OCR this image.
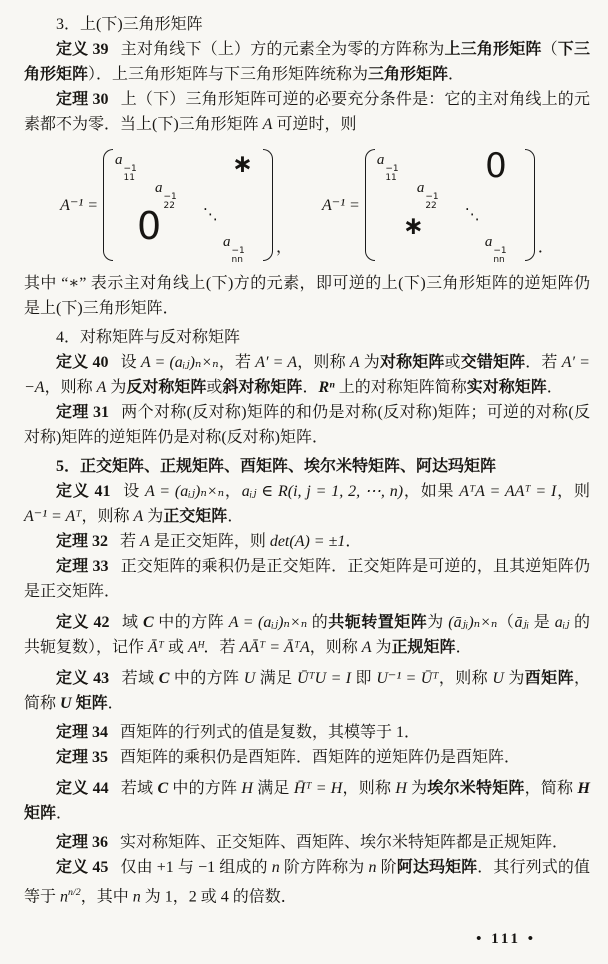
3．上(下)三角形矩阵

定义 39 主对角线下（上）方的元素全为零的方阵称为上三角形矩阵（下三角形矩阵）．上三角形矩阵与下三角形矩阵统称为三角形矩阵．

定理 30 上（下）三角形矩阵可逆的必要充分条件是：它的主对角线上的元素都不为零．当上(下)三角形矩阵 A 可逆时，则

A⁻¹ =
a
−1
11
a
−1
22 ⋱
a
−1
nn
∗
0	，
A⁻¹ =
a
−1
11
a
−1
22 ⋱
a
−1
nn
0
∗
．

其中 “∗” 表示主对角线上(下)方的元素，即可逆的上(下)三角形矩阵的逆矩阵仍是上(下)三角形矩阵．

4．对称矩阵与反对称矩阵

定义 40 设 A = (aᵢⱼ)ₙ×ₙ，若 A′ = A，则称 A 为对称矩阵或交错矩阵．若 A′ = −A，则称 A 为反对称矩阵或斜对称矩阵．Rⁿ 上的对称矩阵简称实对称矩阵．

定理 31 两个对称(反对称)矩阵的和仍是对称(反对称)矩阵；可逆的对称(反对称)矩阵的逆矩阵仍是对称(反对称)矩阵．

5．正交矩阵、正规矩阵、酉矩阵、埃尔米特矩阵、阿达玛矩阵

定义 41 设 A = (aᵢⱼ)ₙ×ₙ，aᵢⱼ ∈ R(i, j = 1, 2, ⋯, n)，如果 AᵀA = AAᵀ = I，则 A⁻¹ = Aᵀ，则称 A 为正交矩阵．

定理 32 若 A 是正交矩阵，则 det(A) = ±1．

定理 33 正交矩阵的乘积仍是正交矩阵．正交矩阵是可逆的，且其逆矩阵仍是正交矩阵．

定义 42 域 C 中的方阵 A = (aᵢⱼ)ₙ×ₙ 的共轭转置矩阵为 (āⱼᵢ)ₙ×ₙ（āⱼᵢ 是 aᵢⱼ 的共轭复数），记作 Āᵀ 或 Aᴴ．若 AĀᵀ = ĀᵀA，则称 A 为正规矩阵．

定义 43 若域 C 中的方阵 U 满足 ŪᵀU = I 即 U⁻¹ = Ūᵀ，则称 U 为酉矩阵，简称 U 矩阵．

定理 34 酉矩阵的行列式的值是复数，其模等于 1．

定理 35 酉矩阵的乘积仍是酉矩阵．酉矩阵的逆矩阵仍是酉矩阵．

定义 44 若域 C 中的方阵 H 满足 H̄ᵀ = H，则称 H 为埃尔米特矩阵，简称 H 矩阵．

定理 36 实对称矩阵、正交矩阵、酉矩阵、埃尔米特矩阵都是正规矩阵．

定义 45 仅由 +1 与 −1 组成的 n 阶方阵称为 n 阶阿达玛矩阵．其行列式的值等于 $n^{n/2}$，其中 n 为 1，2 或 4 的倍数．

• 111 •
